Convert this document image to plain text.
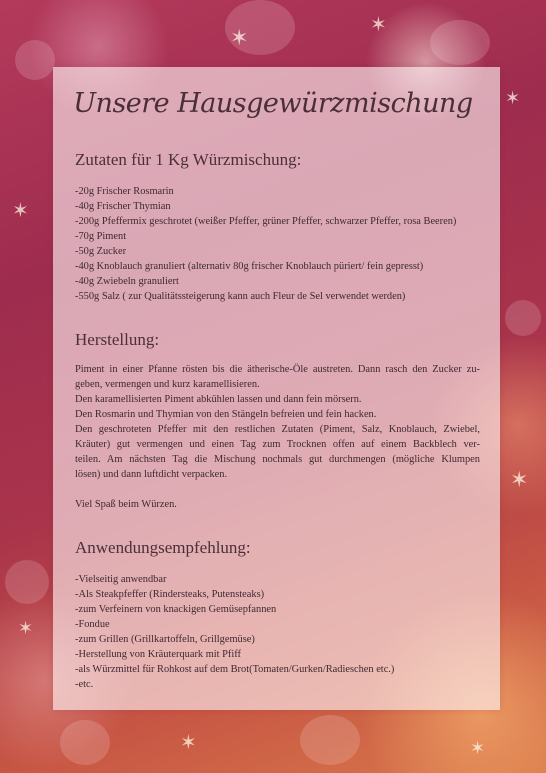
✶
✶
✶
✶
✶
✶
✶	✶
Unsere Hausgewürzmischung
Zutaten für 1 Kg Würzmischung:
-20g Frischer Rosmarin
-40g Frischer Thymian
-200g Pfeffermix geschrotet (weißer Pfeffer, grüner Pfeffer, schwarzer Pfeffer, rosa Beeren)
-70g Piment
-50g Zucker
-40g Knoblauch granuliert (alternativ 80g frischer Knoblauch püriert/ fein gepresst)
-40g Zwiebeln granuliert
-550g Salz ( zur Qualitätssteigerung kann auch Fleur de Sel verwendet werden)
Herstellung:
Piment in einer Pfanne rösten bis die ätherische-Öle austreten. Dann rasch den Zucker zu-
geben, vermengen und kurz karamellisieren.
Den karamellisierten Piment abkühlen lassen und dann fein mörsern.
Den Rosmarin und Thymian von den Stängeln befreien und fein hacken.
Den geschroteten Pfeffer mit den restlichen Zutaten (Piment, Salz, Knoblauch, Zwiebel,
Kräuter) gut vermengen und einen Tag zum Trocknen offen auf einem Backblech ver-
teilen. Am nächsten Tag die Mischung nochmals gut durchmengen (mögliche Klumpen
lösen) und dann luftdicht verpacken.
Viel Spaß beim Würzen.
Anwendungsempfehlung:
-Vielseitig anwendbar
-Als Steakpfeffer (Rindersteaks, Putensteaks)
-zum Verfeinern von knackigen Gemüsepfannen
-Fondue
-zum Grillen (Grillkartoffeln, Grillgemüse)
-Herstellung von Kräuterquark mit Pfiff
-als Würzmittel für Rohkost auf dem Brot(Tomaten/Gurken/Radieschen etc.)
-etc.
